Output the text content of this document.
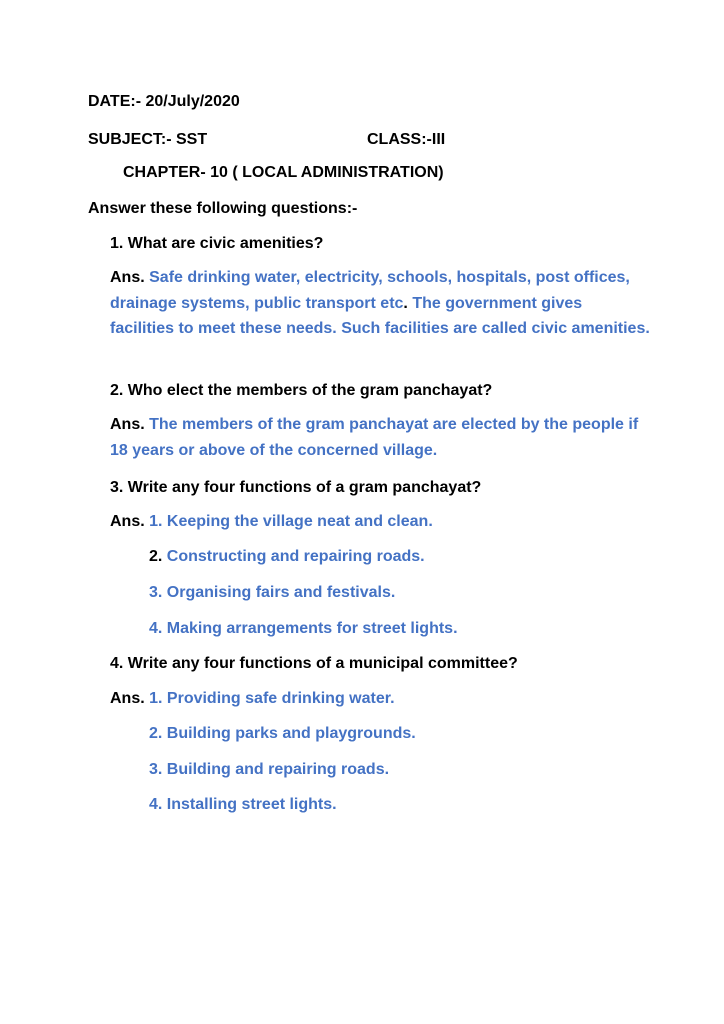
DATE:- 20/July/2020
SUBJECT:- SST	CLASS:-III
CHAPTER- 10 ( LOCAL ADMINISTRATION)
Answer these following questions:-
1. What are civic amenities?
Ans. Safe drinking water, electricity, schools, hospitals, post offices, drainage systems, public transport etc. The government gives facilities to meet these needs. Such facilities are called civic amenities.
2. Who elect the members of the gram panchayat?
Ans. The members of the gram panchayat are elected by the people if 18 years or above of the concerned village.
3. Write any four functions of a gram panchayat?
Ans. 1. Keeping the village neat and clean.
2. Constructing and repairing roads.
3. Organising fairs and festivals.
4. Making arrangements for street lights.
4. Write any four functions of a municipal committee?
Ans. 1. Providing safe drinking water.
2. Building parks and playgrounds.
3. Building and repairing roads.
4. Installing street lights.
